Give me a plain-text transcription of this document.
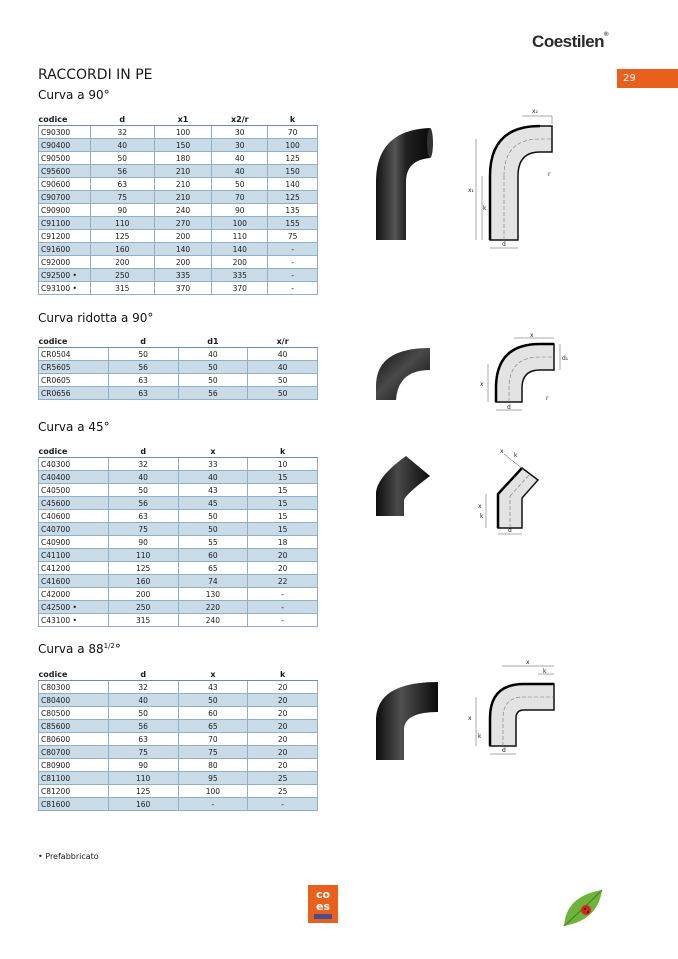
Coestilen®
29
RACCORDI IN PE
Curva a 90°
codice	d	x1	x2/r	k
C90300	32	100	30	70
C90400	40	150	30	100
C90500	50	180	40	125
C95600	56	210	40	150
C90600	63	210	50	140
C90700	75	210	70	125
C90900	90	240	90	135
C91100	110	270	100	155
C91200	125	200	110	75
C91600	160	140	140	-
C92000	200	200	200	-
C92500 •	250	335	335	-
C93100 •	315	370	370	-
x₂
x₁
k
d
r
Curva ridotta a 90°
codice	d	d1	x/r
CR0504	50	40	40
CR5605	56	50	40
CR0605	63	50	50
CR0656	63	56	50
x
d₁
x
d
r
Curva a 45°
codice	d	x	k
C40300	32	33	10
C40400	40	40	15
C40500	50	43	15
C45600	56	45	15
C40600	63	50	15
C40700	75	50	15
C40900	90	55	18
C41100	110	60	20
C41200	125	65	20
C41600	160	74	22
C42000	200	130	-
C42500 •	250	220	-
C43100 •	315	240	-
x
k
x
k
d
Curva a $88^{1/2}^\circ$
codice	d	x	k
C80300	32	43	20
C80400	40	50	20
C80500	50	60	20
C85600	56	65	20
C80600	63	70	20
C80700	75	75	20
C80900	90	80	20
C81100	110	95	25
C81200	125	100	25
C81600	160	-	-
x
k
x
k
d
• Prefabbricato
co
es
